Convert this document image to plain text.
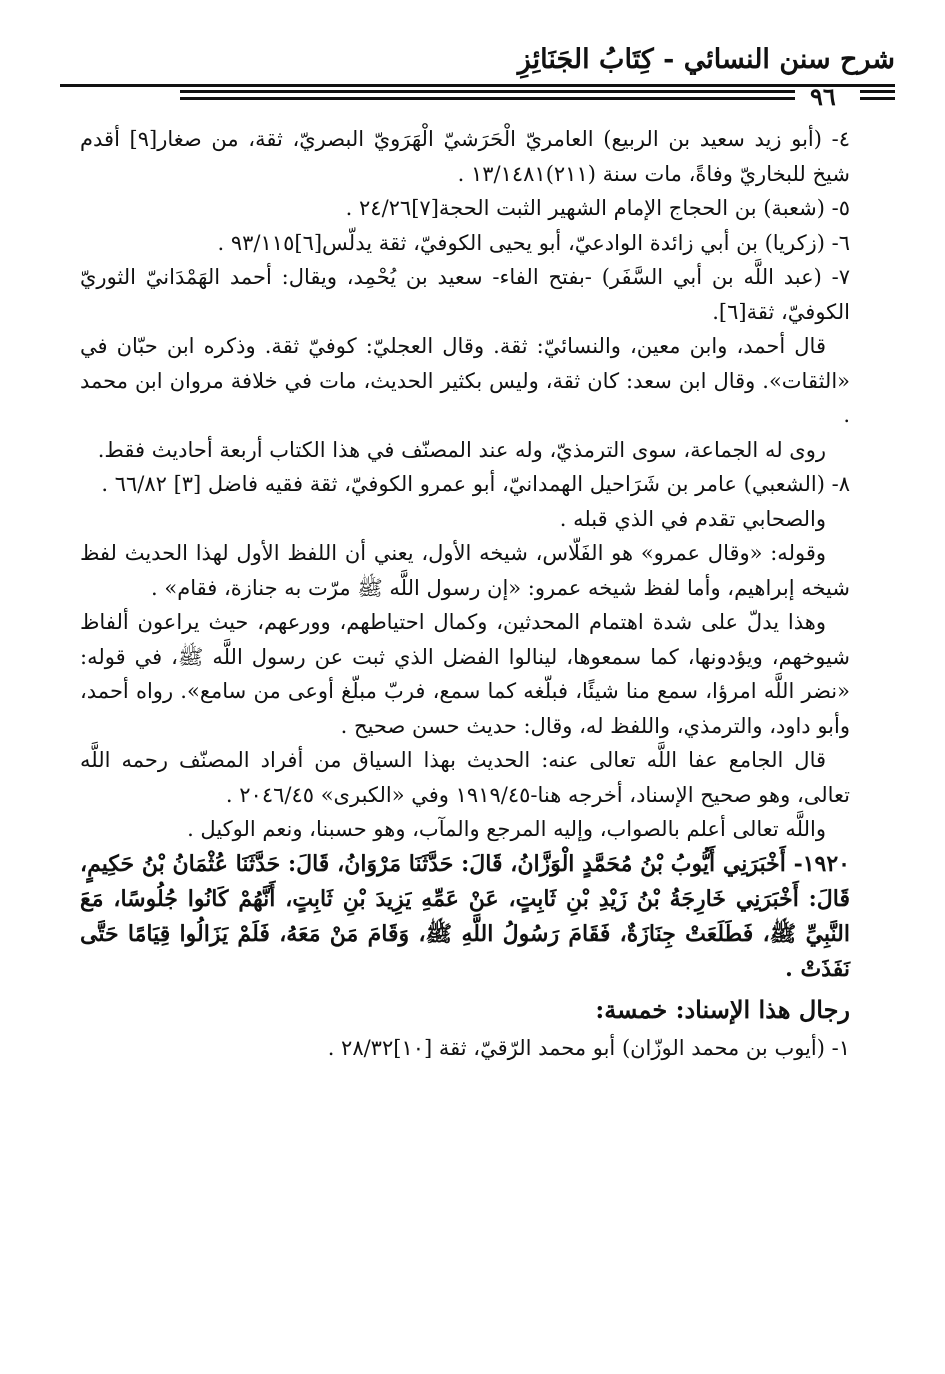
شرح سنن النسائي - كِتَابُ الجَنَائِزِ
٩٦

٤- (أبو زيد سعيد بن الربيع) العامريّ الْحَرَشيّ الْهَرَويّ البصريّ، ثقة، من صغار[٩] أقدم شيخ للبخاريّ وفاةً، مات سنة (٢١١)١٣/١٤٨١ .

٥- (شعبة) بن الحجاج الإمام الشهير الثبت الحجة[٧]٢٤/٢٦ .

٦- (زكريا) بن أبي زائدة الوادعيّ، أبو يحيى الكوفيّ، ثقة يدلّس[٦]٩٣/١١٥ .

٧- (عبد اللَّه بن أبي السَّفَر) -بفتح الفاء- سعيد بن يُحْمِد، ويقال: أحمد الهَمْدَانيّ الثوريّ الكوفيّ، ثقة[٦].

قال أحمد، وابن معين، والنسائيّ: ثقة. وقال العجليّ: كوفيّ ثقة. وذكره ابن حبّان في «الثقات». وقال ابن سعد: كان ثقة، وليس بكثير الحديث، مات في خلافة مروان ابن محمد .

روى له الجماعة، سوى الترمذيّ، وله عند المصنّف في هذا الكتاب أربعة أحاديث فقط.

٨- (الشعبي) عامر بن شَرَاحيل الهمدانيّ، أبو عمرو الكوفيّ، ثقة فقيه فاضل [٣] ٦٦/٨٢ .

والصحابي تقدم في الذي قبله .

وقوله: «وقال عمرو» هو الفَلّاس، شيخه الأول، يعني أن اللفظ الأول لهذا الحديث لفظ شيخه إبراهيم، وأما لفظ شيخه عمرو: «إن رسول اللَّه ﷺ مرّت به جنازة، فقام» .

وهذا يدلّ على شدة اهتمام المحدثين، وكمال احتياطهم، وورعهم، حيث يراعون ألفاظ شيوخهم، ويؤدونها، كما سمعوها، لينالوا الفضل الذي ثبت عن رسول اللَّه ﷺ، في قوله: «نضر اللَّه امرؤا، سمع منا شيئًا، فبلّغه كما سمع، فربّ مبلّغ أوعى من سامع». رواه أحمد، وأبو داود، والترمذي، واللفظ له، وقال: حديث حسن صحيح .

قال الجامع عفا اللَّه تعالى عنه: الحديث بهذا السياق من أفراد المصنّف رحمه اللَّه تعالى، وهو صحيح الإسناد، أخرجه هنا-١٩١٩/٤٥ وفي «الكبرى» ٢٠٤٦/٤٥ .

واللَّه تعالى أعلم بالصواب، وإليه المرجع والمآب، وهو حسبنا، ونعم الوكيل .

١٩٢٠- أَخْبَرَنِي أَيُّوبُ بْنُ مُحَمَّدٍ الْوَزَّانُ، قَالَ: حَدَّثَنَا مَرْوَانُ، قَالَ: حَدَّثَنَا عُثْمَانُ بْنُ حَكِيمٍ، قَالَ: أَخْبَرَنِي خَارِجَةُ بْنُ زَيْدِ بْنِ ثَابِتٍ، عَنْ عَمِّهِ يَزِيدَ بْنِ ثَابِتٍ، أَنَّهُمْ كَانُوا جُلُوسًا، مَعَ النَّبِيِّ ﷺ، فَطَلَعَتْ جِنَازَةٌ، فَقَامَ رَسُولُ اللَّهِ ﷺ، وَقَامَ مَنْ مَعَهُ، فَلَمْ يَزَالُوا قِيَامًا حَتَّى نَفَذَتْ .

رجال هذا الإسناد: خمسة:

١- (أيوب بن محمد الوزّان) أبو محمد الرّقيّ، ثقة [١٠]٢٨/٣٢ .
